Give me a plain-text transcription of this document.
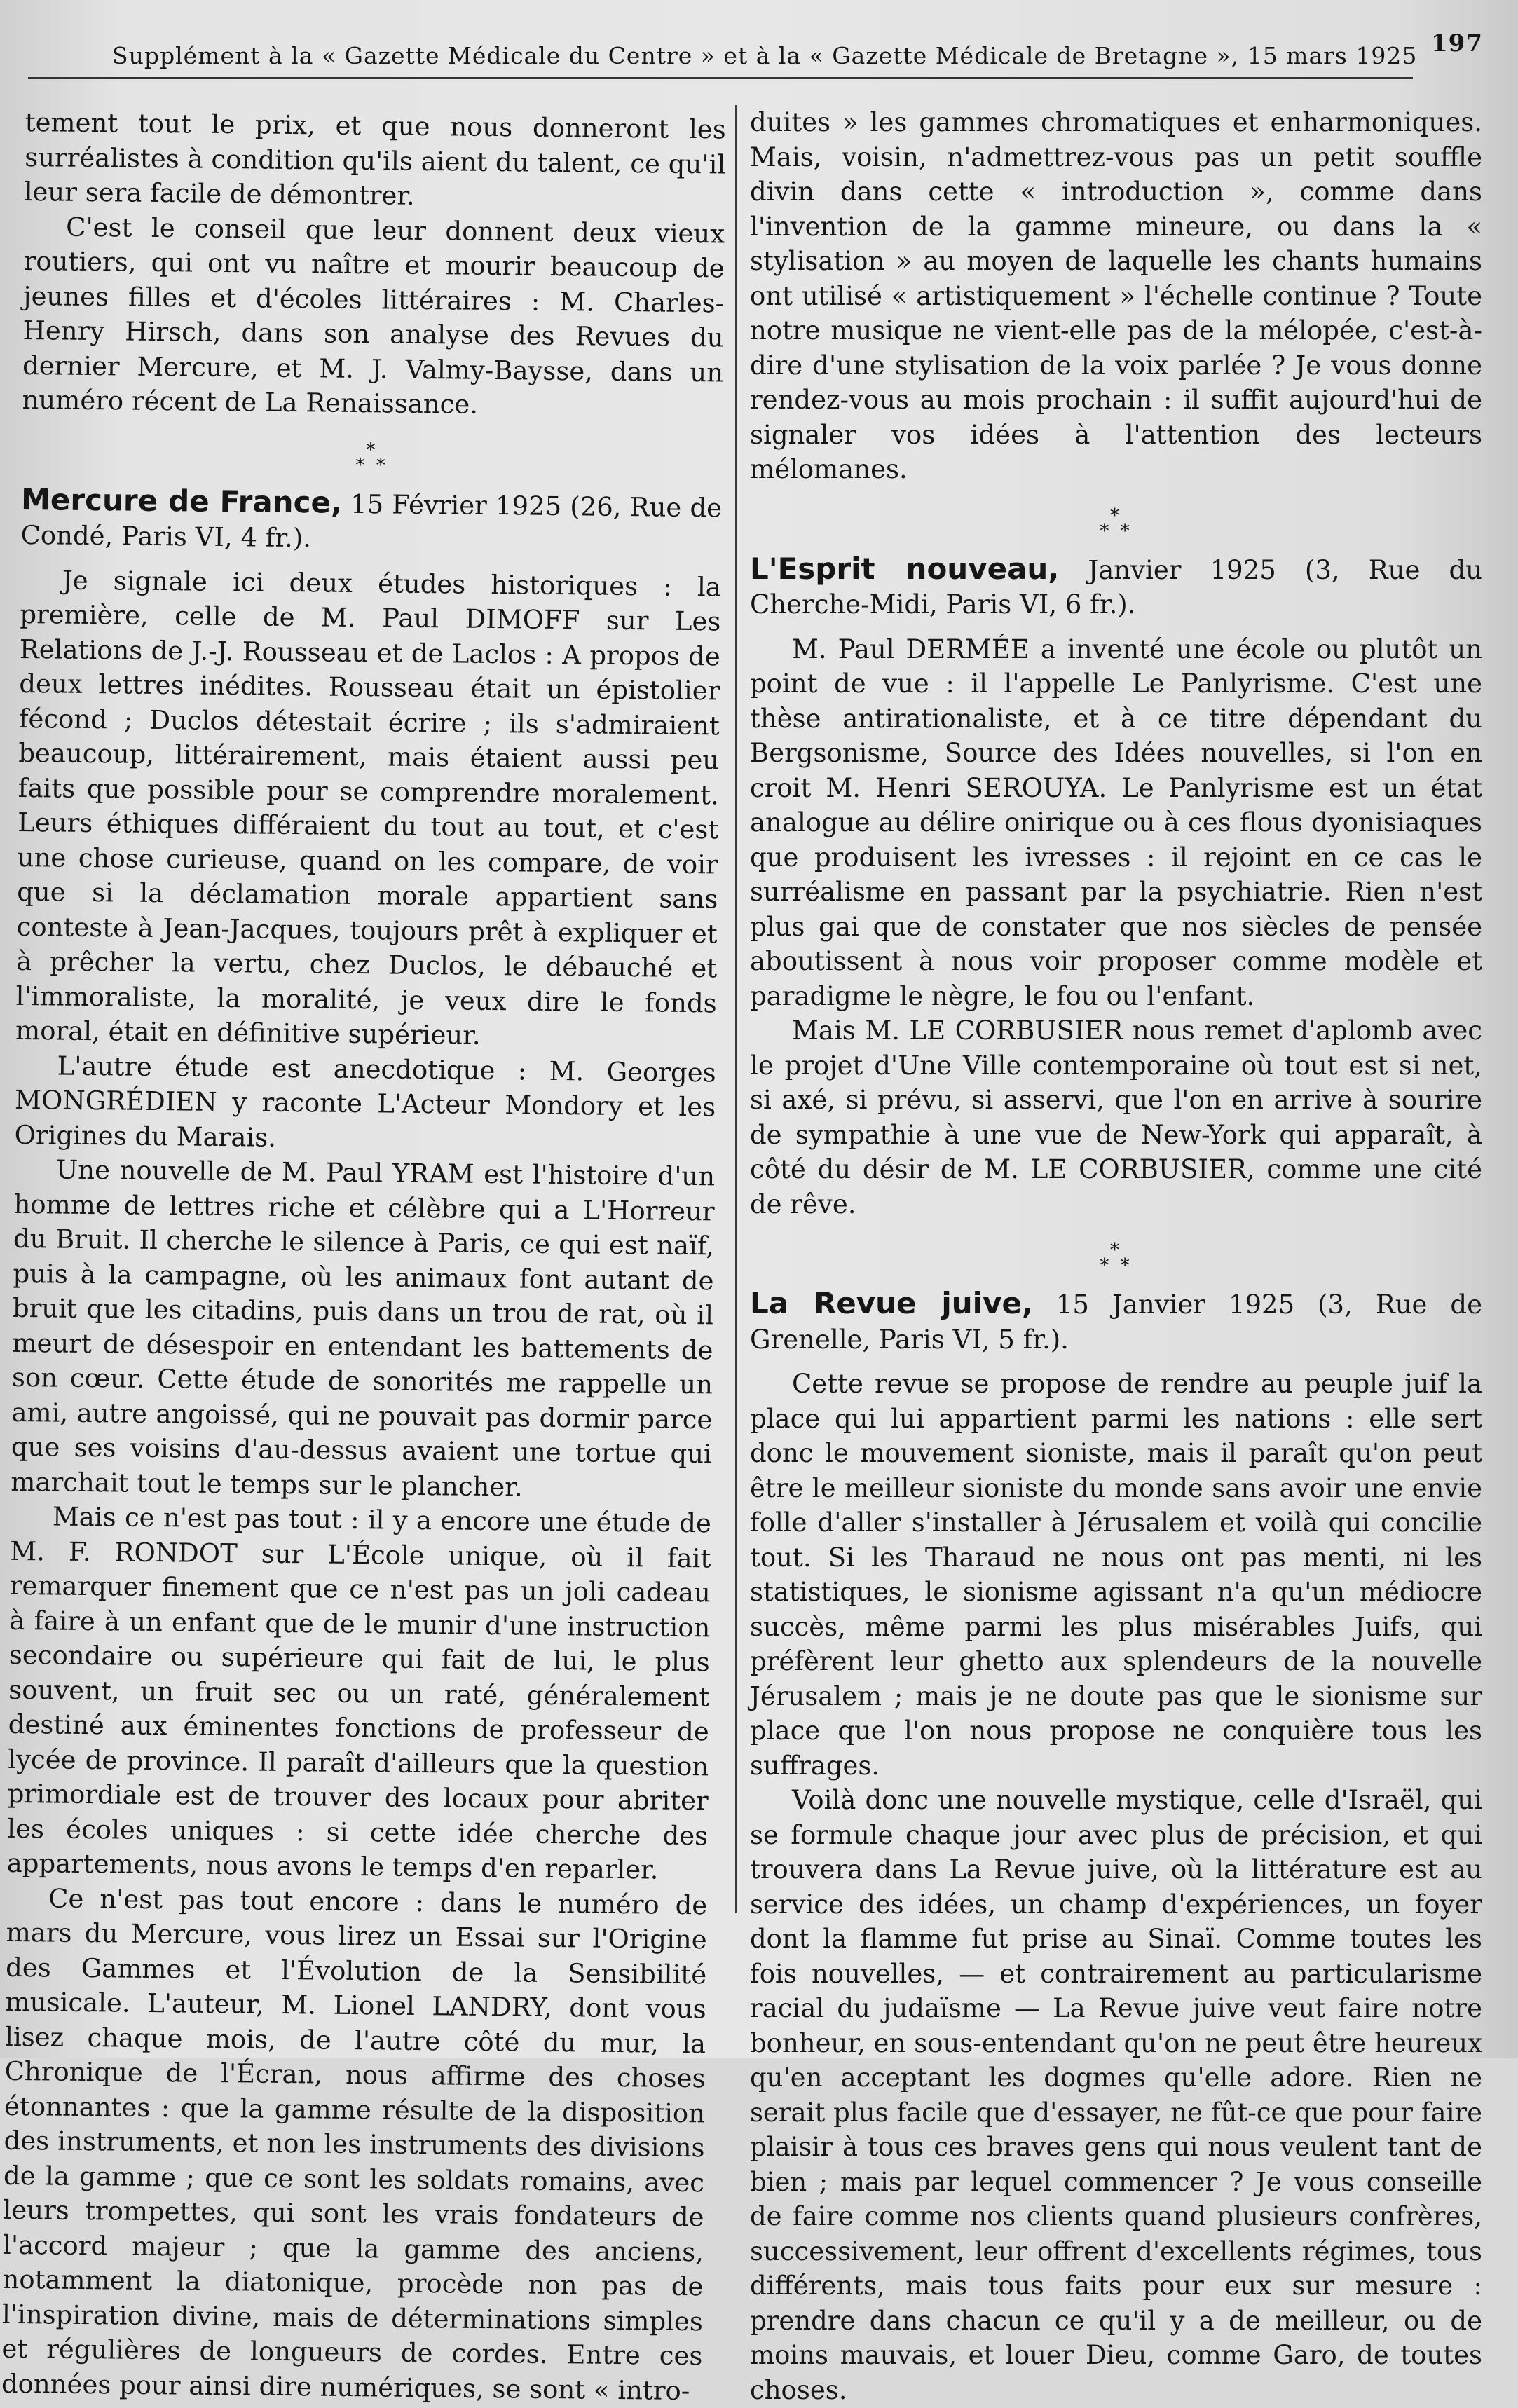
Supplément à la « Gazette Médicale du Centre » et à la « Gazette Médicale de Bretagne », 15 mars 1925 197

tement tout le prix, et que nous donneront les surréalistes à condition qu'ils aient du talent, ce qu'il leur sera facile de démontrer.

C'est le conseil que leur donnent deux vieux routiers, qui ont vu naître et mourir beaucoup de jeunes filles et d'écoles littéraires : M. Charles-Henry Hirsch, dans son analyse des Revues du dernier Mercure, et M. J. Valmy-Baysse, dans un numéro récent de La Renaissance.

*
* *

Mercure de France, 15 Février 1925 (26, Rue de Condé, Paris VI, 4 fr.).

Je signale ici deux études historiques : la première, celle de M. Paul DIMOFF sur Les Relations de J.-J. Rousseau et de Laclos : A propos de deux lettres inédites. Rousseau était un épistolier fécond ; Duclos détestait écrire ; ils s'admiraient beaucoup, littérairement, mais étaient aussi peu faits que possible pour se comprendre moralement. Leurs éthiques différaient du tout au tout, et c'est une chose curieuse, quand on les compare, de voir que si la déclamation morale appartient sans conteste à Jean-Jacques, toujours prêt à expliquer et à prêcher la vertu, chez Duclos, le débauché et l'immoraliste, la moralité, je veux dire le fonds moral, était en définitive supérieur.

L'autre étude est anecdotique : M. Georges MONGRÉDIEN y raconte L'Acteur Mondory et les Origines du Marais.

Une nouvelle de M. Paul YRAM est l'histoire d'un homme de lettres riche et célèbre qui a L'Horreur du Bruit. Il cherche le silence à Paris, ce qui est naïf, puis à la campagne, où les animaux font autant de bruit que les citadins, puis dans un trou de rat, où il meurt de désespoir en entendant les battements de son cœur. Cette étude de sonorités me rappelle un ami, autre angoissé, qui ne pouvait pas dormir parce que ses voisins d'au-dessus avaient une tortue qui marchait tout le temps sur le plancher.

Mais ce n'est pas tout : il y a encore une étude de M. F. RONDOT sur L'École unique, où il fait remarquer finement que ce n'est pas un joli cadeau à faire à un enfant que de le munir d'une instruction secondaire ou supérieure qui fait de lui, le plus souvent, un fruit sec ou un raté, généralement destiné aux éminentes fonctions de professeur de lycée de province. Il paraît d'ailleurs que la question primordiale est de trouver des locaux pour abriter les écoles uniques : si cette idée cherche des appartements, nous avons le temps d'en reparler.

Ce n'est pas tout encore : dans le numéro de mars du Mercure, vous lirez un Essai sur l'Origine des Gammes et l'Évolution de la Sensibilité musicale. L'auteur, M. Lionel LANDRY, dont vous lisez chaque mois, de l'autre côté du mur, la Chronique de l'Écran, nous affirme des choses étonnantes : que la gamme résulte de la disposition des instruments, et non les instruments des divisions de la gamme ; que ce sont les soldats romains, avec leurs trompettes, qui sont les vrais fondateurs de l'accord majeur ; que la gamme des anciens, notamment la diatonique, procède non pas de l'inspiration divine, mais de déterminations simples et régulières de longueurs de cordes. Entre ces données pour ainsi dire numériques, se sont « intro-

duites » les gammes chromatiques et enharmoniques. Mais, voisin, n'admettrez-vous pas un petit souffle divin dans cette « introduction », comme dans l'invention de la gamme mineure, ou dans la « stylisation » au moyen de laquelle les chants humains ont utilisé « artistiquement » l'échelle continue ? Toute notre musique ne vient-elle pas de la mélopée, c'est-à-dire d'une stylisation de la voix parlée ? Je vous donne rendez-vous au mois prochain : il suffit aujourd'hui de signaler vos idées à l'attention des lecteurs mélomanes.

*
* *

L'Esprit nouveau, Janvier 1925 (3, Rue du Cherche-Midi, Paris VI, 6 fr.).

M. Paul DERMÉE a inventé une école ou plutôt un point de vue : il l'appelle Le Panlyrisme. C'est une thèse antirationaliste, et à ce titre dépendant du Bergsonisme, Source des Idées nouvelles, si l'on en croit M. Henri SEROUYA. Le Panlyrisme est un état analogue au délire onirique ou à ces flous dyonisiaques que produisent les ivresses : il rejoint en ce cas le surréalisme en passant par la psychiatrie. Rien n'est plus gai que de constater que nos siècles de pensée aboutissent à nous voir proposer comme modèle et paradigme le nègre, le fou ou l'enfant.

Mais M. LE CORBUSIER nous remet d'aplomb avec le projet d'Une Ville contemporaine où tout est si net, si axé, si prévu, si asservi, que l'on en arrive à sourire de sympathie à une vue de New-York qui apparaît, à côté du désir de M. LE CORBUSIER, comme une cité de rêve.

*
* *

La Revue juive, 15 Janvier 1925 (3, Rue de Grenelle, Paris VI, 5 fr.).

Cette revue se propose de rendre au peuple juif la place qui lui appartient parmi les nations : elle sert donc le mouvement sioniste, mais il paraît qu'on peut être le meilleur sioniste du monde sans avoir une envie folle d'aller s'installer à Jérusalem et voilà qui concilie tout. Si les Tharaud ne nous ont pas menti, ni les statistiques, le sionisme agissant n'a qu'un médiocre succès, même parmi les plus misérables Juifs, qui préfèrent leur ghetto aux splendeurs de la nouvelle Jérusalem ; mais je ne doute pas que le sionisme sur place que l'on nous propose ne conquière tous les suffrages.

Voilà donc une nouvelle mystique, celle d'Israël, qui se formule chaque jour avec plus de précision, et qui trouvera dans La Revue juive, où la littérature est au service des idées, un champ d'expériences, un foyer dont la flamme fut prise au Sinaï. Comme toutes les fois nouvelles, — et contrairement au particularisme racial du judaïsme — La Revue juive veut faire notre bonheur, en sous-entendant qu'on ne peut être heureux qu'en acceptant les dogmes qu'elle adore. Rien ne serait plus facile que d'essayer, ne fût-ce que pour faire plaisir à tous ces braves gens qui nous veulent tant de bien ; mais par lequel commencer ? Je vous conseille de faire comme nos clients quand plusieurs confrères, successivement, leur offrent d'excellents régimes, tous différents, mais tous faits pour eux sur mesure : prendre dans chacun ce qu'il y a de meilleur, ou de moins mauvais, et louer Dieu, comme Garo, de toutes choses.
